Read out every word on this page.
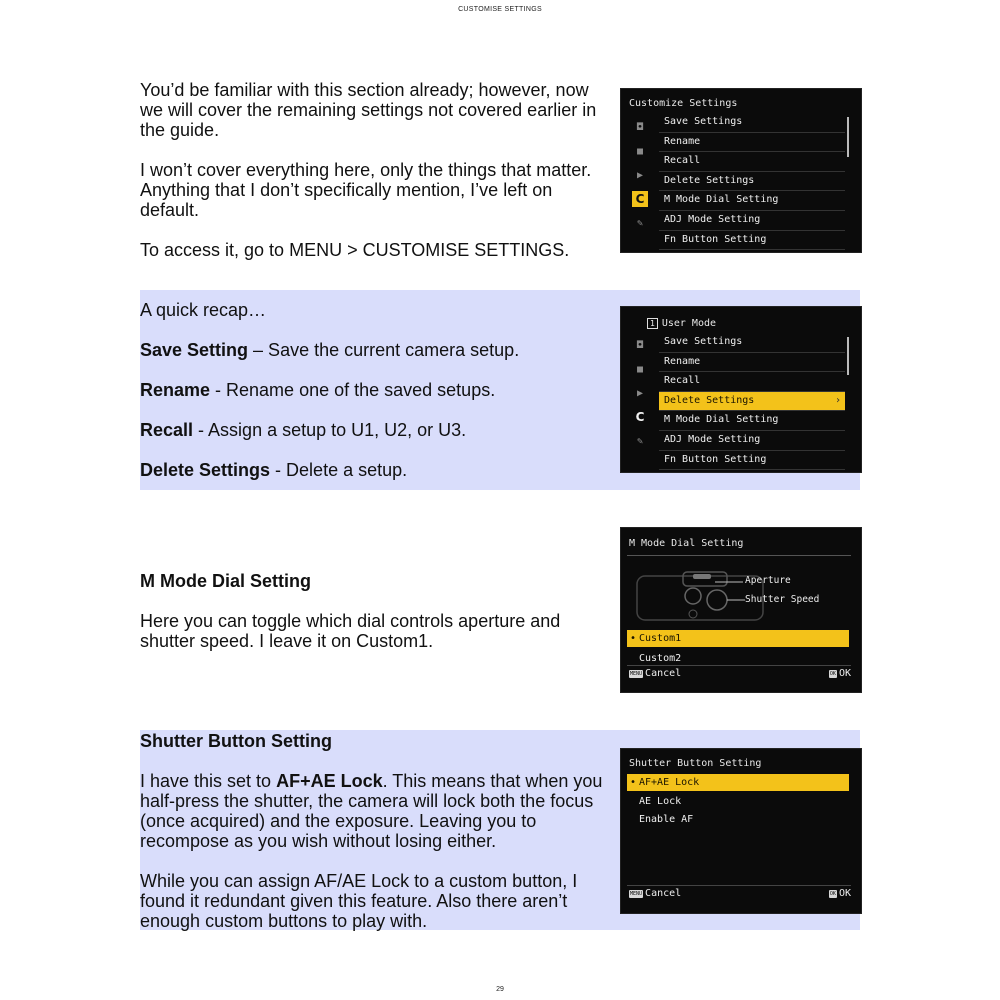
CUSTOMISE SETTINGS

You’d be familiar with this section already; however, now we will cover the remaining settings not covered earlier in the guide.

I won’t cover everything here, only the things that matter. Anything that I don’t specifically mention, I’ve left on default.

To access it, go to MENU > CUSTOMISE SETTINGS.

Customize Settings
◘
■
▶
C
✎
Save Settings
Rename
Recall
Delete Settings
M Mode Dial Setting
ADJ Mode Setting
Fn Button Setting

A quick recap…

Save Setting – Save the current camera setup.

Rename - Rename one of the saved setups.

Recall - Assign a setup to U1, U2, or U3.

Delete Settings - Delete a setup.

1 User Mode
◘
■
▶
C
✎
Save Settings
Rename
Recall
Delete Settings	›
M Mode Dial Setting
ADJ Mode Setting
Fn Button Setting

M Mode Dial Setting

Here you can toggle which dial controls aperture and shutter speed. I leave it on Custom1.

M Mode Dial Setting
Aperture
Shutter Speed
• Custom1
Custom2
MENU Cancel	OK OK

Shutter Button Setting

I have this set to AF+AE Lock. This means that when you half-press the shutter, the camera will lock both the focus (once acquired) and the exposure. Leaving you to recompose as you wish without losing either.

While you can assign AF/AE Lock to a custom button, I found it redundant given this feature. Also there aren’t enough custom buttons to play with.

Shutter Button Setting
• AF+AE Lock
AE Lock
Enable AF
MENU Cancel	OK OK
29
